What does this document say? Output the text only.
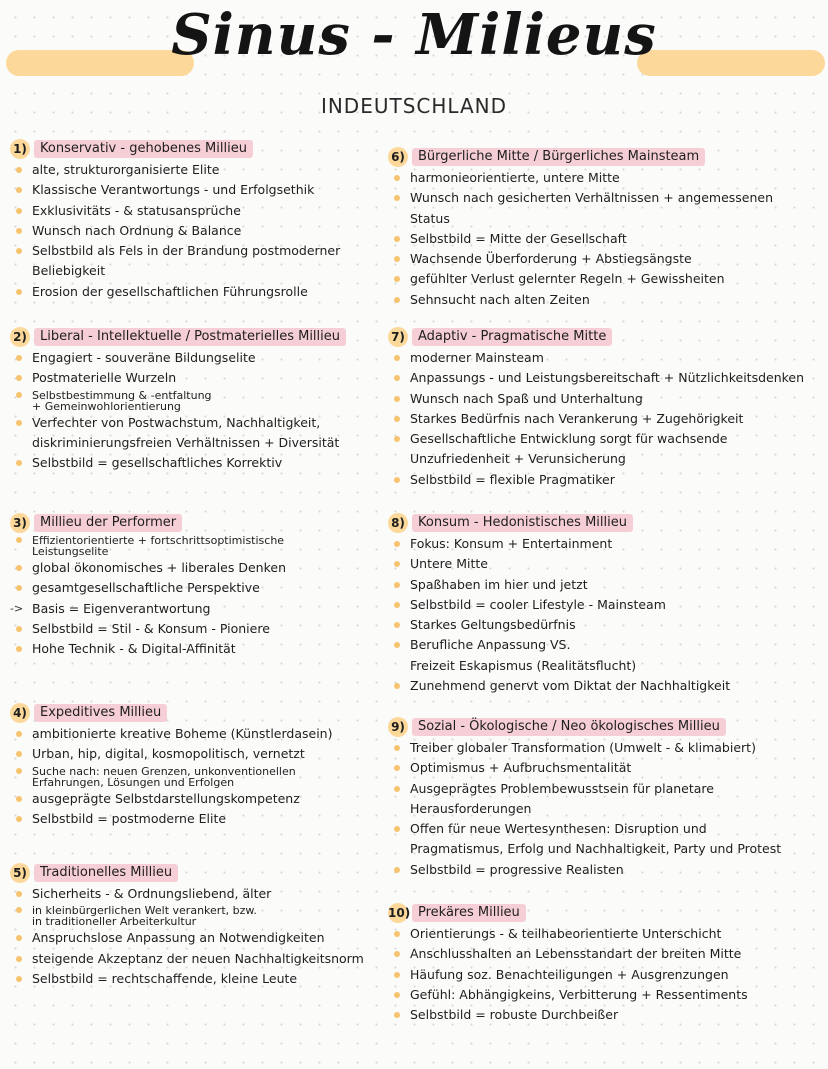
Sinus - Milieus
INDEUTSCHLAND
1) Konservativ - gehobenes Millieu
alte, strukturorganisierte Elite
Klassische Verantwortungs - und Erfolgsethik
Exklusivitäts - & statusansprüche
Wunsch nach Ordnung & Balance
Selbstbild als Fels in der Brandung postmoderner
Beliebigkeit
Erosion der gesellschaftlichen Führungsrolle
2) Liberal - Intellektuelle / Postmaterielles Millieu
Engagiert - souveräne Bildungselite
Postmaterielle Wurzeln
Selbstbestimmung & -entfaltung
+ Gemeinwohlorientierung
Verfechter von Postwachstum, Nachhaltigkeit,
diskriminierungsfreien Verhältnissen + Diversität
Selbstbild = gesellschaftliches Korrektiv
3) Millieu der Performer
Effizientorientierte + fortschrittsoptimistische
Leistungselite
global ökonomisches + liberales Denken
gesamtgesellschaftliche Perspektive
-> Basis = Eigenverantwortung
Selbstbild = Stil - & Konsum - Pioniere
Hohe Technik - & Digital-Affinität
4) Expeditives Millieu
ambitionierte kreative Boheme (Künstlerdasein)
Urban, hip, digital, kosmopolitisch, vernetzt
Suche nach: neuen Grenzen, unkonventionellen
Erfahrungen, Lösungen und Erfolgen
ausgeprägte Selbstdarstellungskompetenz
Selbstbild = postmoderne Elite
5) Traditionelles Millieu
Sicherheits - & Ordnungsliebend, älter
in kleinbürgerlichen Welt verankert, bzw.
in traditioneller Arbeiterkultur
Anspruchslose Anpassung an Notwendigkeiten
steigende Akzeptanz der neuen Nachhaltigkeitsnorm
Selbstbild = rechtschaffende, kleine Leute
6) Bürgerliche Mitte / Bürgerliches Mainsteam
harmonieorientierte, untere Mitte
Wunsch nach gesicherten Verhältnissen + angemessenen
Status
Selbstbild = Mitte der Gesellschaft
Wachsende Überforderung + Abstiegsängste
gefühlter Verlust gelernter Regeln + Gewissheiten
Sehnsucht nach alten Zeiten
7) Adaptiv - Pragmatische Mitte
moderner Mainsteam
Anpassungs - und Leistungsbereitschaft + Nützlichkeitsdenken
Wunsch nach Spaß und Unterhaltung
Starkes Bedürfnis nach Verankerung + Zugehörigkeit
Gesellschaftliche Entwicklung sorgt für wachsende
Unzufriedenheit + Verunsicherung
Selbstbild = flexible Pragmatiker
8) Konsum - Hedonistisches Millieu
Fokus: Konsum + Entertainment
Untere Mitte
Spaßhaben im hier und jetzt
Selbstbild = cooler Lifestyle - Mainsteam
Starkes Geltungsbedürfnis
Berufliche Anpassung VS.
Freizeit Eskapismus (Realitätsflucht)
Zunehmend genervt vom Diktat der Nachhaltigkeit
9) Sozial - Ökologische / Neo ökologisches Millieu
Treiber globaler Transformation (Umwelt - & klimabiert)
Optimismus + Aufbruchsmentalität
Ausgeprägtes Problembewusstsein für planetare
Herausforderungen
Offen für neue Wertesynthesen: Disruption und
Pragmatismus, Erfolg und Nachhaltigkeit, Party und Protest
Selbstbild = progressive Realisten
10) Prekäres Millieu
Orientierungs - & teilhabeorientierte Unterschicht
Anschlusshalten an Lebensstandart der breiten Mitte
Häufung soz. Benachteiligungen + Ausgrenzungen
Gefühl: Abhängigkeins, Verbitterung + Ressentiments
Selbstbild = robuste Durchbeißer
